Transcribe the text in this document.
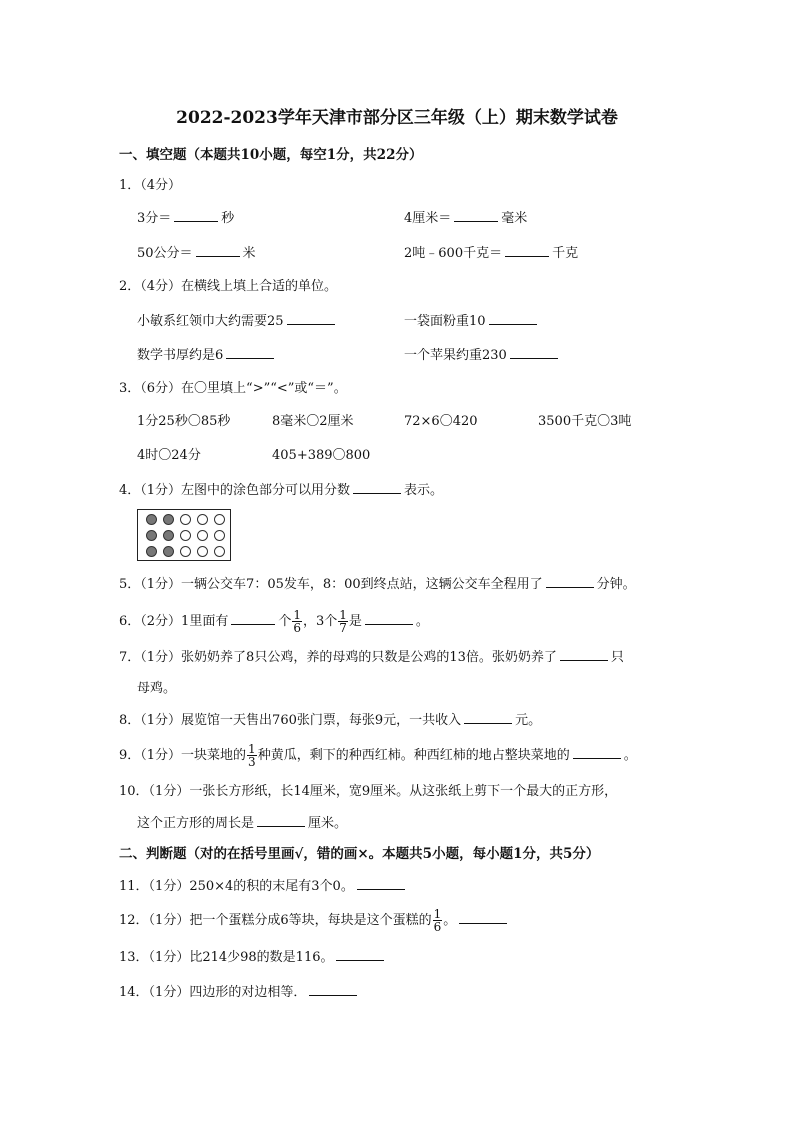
2022-2023学年天津市部分区三年级（上）期末数学试卷
一、填空题（本题共10小题，每空1分，共22分）
1．（4分）
3分＝	秒	4厘米＝	毫米
50公分＝	米	2吨﹣600千克＝	千克
2．（4分）在横线上填上合适的单位。
小敏系红领巾大约需要25	一袋面粉重10
数学书厚约是6	一个苹果约重230
3．（6分）在〇里填上“>”“<”或“＝”。
1分25秒〇85秒	8毫米〇2厘米	72×6〇420	3500千克〇3吨
4时〇24分	405+389〇800
4．（1分）左图中的涂色部分可以用分数	表示。
5．（1分）一辆公交车7：05发车，8：00到终点站，这辆公交车全程用了	分钟。
6．（2分）1里面有	个 $\frac{1}{6}$ ，3个 $\frac{1}{7}$ 是	。
7．（1分）张奶奶养了8只公鸡，养的母鸡的只数是公鸡的13倍。张奶奶养了	只
母鸡。
8．（1分）展览馆一天售出760张门票，每张9元，一共收入	元。
9．（1分）一块菜地的 $\frac{1}{3}$ 种黄瓜，剩下的种西红柿。种西红柿的地占整块菜地的	。
10．（1分）一张长方形纸，长14厘米，宽9厘米。从这张纸上剪下一个最大的正方形，
这个正方形的周长是	厘米。
二、判断题（对的在括号里画√，错的画×。本题共5小题，每小题1分，共5分）
11．（1分）250×4的积的末尾有3个0。
12．（1分）把一个蛋糕分成6等块，每块是这个蛋糕的 $\frac{1}{6}$ 。
13．（1分）比214少98的数是116。
14．（1分）四边形的对边相等．
